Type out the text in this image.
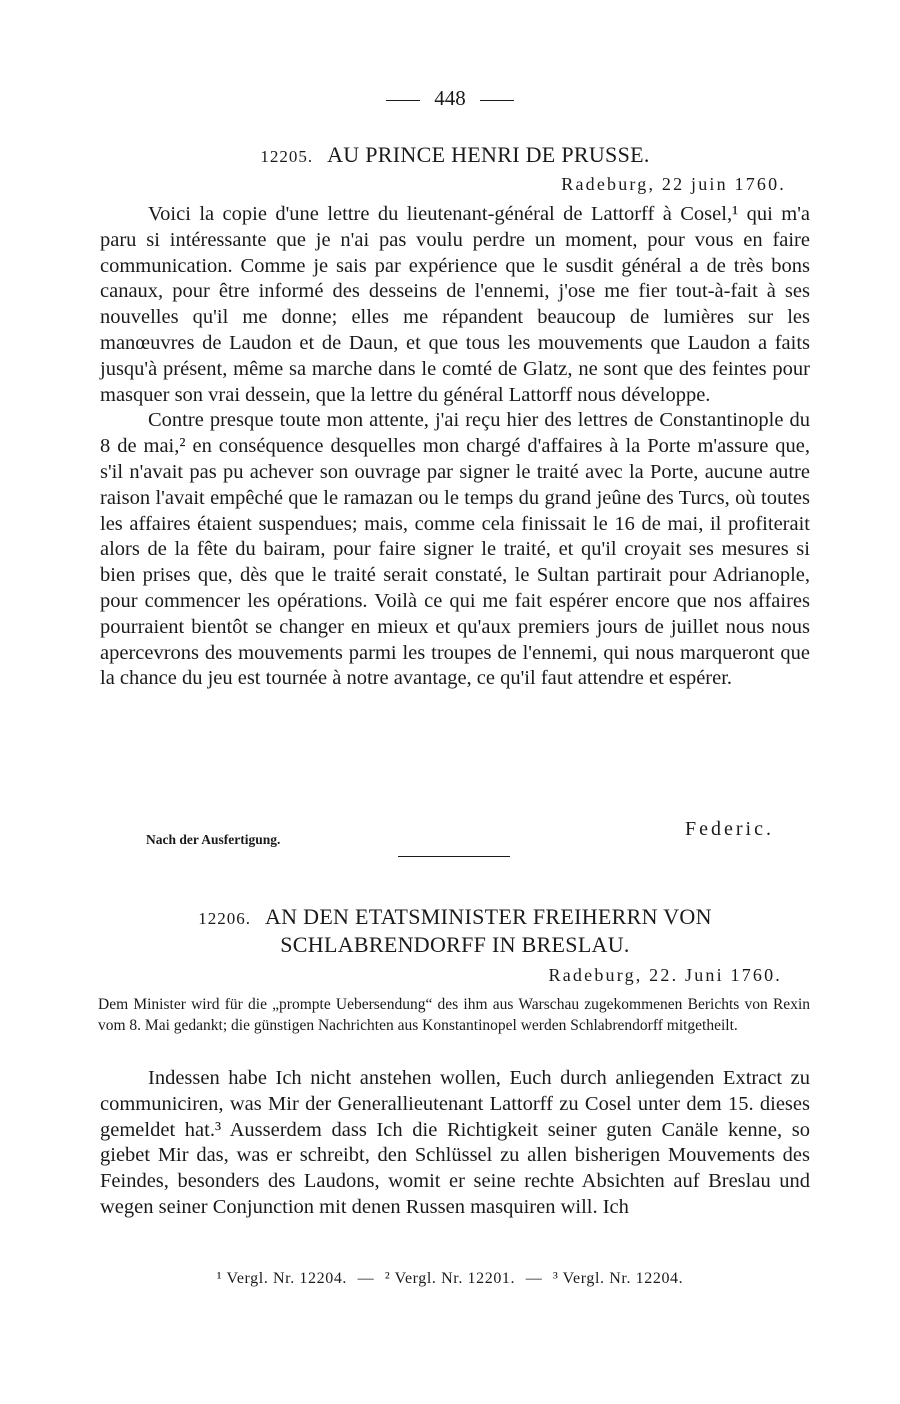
448
12205. AU PRINCE HENRI DE PRUSSE.
Radeburg, 22 juin 1760.

Voici la copie d'une lettre du lieutenant-général de Lattorff à Cosel,¹ qui m'a paru si intéressante que je n'ai pas voulu perdre un moment, pour vous en faire communication. Comme je sais par expérience que le susdit général a de très bons canaux, pour être informé des desseins de l'ennemi, j'ose me fier tout-à-fait à ses nouvelles qu'il me donne; elles me répandent beaucoup de lumières sur les manœuvres de Laudon et de Daun, et que tous les mouvements que Laudon a faits jusqu'à présent, même sa marche dans le comté de Glatz, ne sont que des feintes pour masquer son vrai dessein, que la lettre du général Lattorff nous développe.

Contre presque toute mon attente, j'ai reçu hier des lettres de Constantinople du 8 de mai,² en conséquence desquelles mon chargé d'affaires à la Porte m'assure que, s'il n'avait pas pu achever son ouvrage par signer le traité avec la Porte, aucune autre raison l'avait empêché que le ramazan ou le temps du grand jeûne des Turcs, où toutes les affaires étaient suspendues; mais, comme cela finissait le 16 de mai, il profiterait alors de la fête du bairam, pour faire signer le traité, et qu'il croyait ses mesures si bien prises que, dès que le traité serait constaté, le Sultan partirait pour Adrianople, pour commencer les opérations. Voilà ce qui me fait espérer encore que nos affaires pourraient bientôt se changer en mieux et qu'aux premiers jours de juillet nous nous apercevrons des mouvements parmi les troupes de l'ennemi, qui nous marqueront que la chance du jeu est tournée à notre avantage, ce qu'il faut attendre et espérer.

Nach der Ausfertigung.	Federic.
12206. AN DEN ETATSMINISTER FREIHERRN VON
SCHLABRENDORFF IN BRESLAU.
Radeburg, 22. Juni 1760.
Dem Minister wird für die „prompte Uebersendung“ des ihm aus Warschau zugekommenen Berichts von Rexin vom 8. Mai gedankt; die günstigen Nachrichten aus Konstantinopel werden Schlabrendorff mitgetheilt.

Indessen habe Ich nicht anstehen wollen, Euch durch anliegenden Extract zu communiciren, was Mir der Generallieutenant Lattorff zu Cosel unter dem 15. dieses gemeldet hat.³ Ausserdem dass Ich die Richtigkeit seiner guten Canäle kenne, so giebet Mir das, was er schreibt, den Schlüssel zu allen bisherigen Mouvements des Feindes, besonders des Laudons, womit er seine rechte Absichten auf Breslau und wegen seiner Conjunction mit denen Russen masquiren will. Ich

¹ Vergl. Nr. 12204. — ² Vergl. Nr. 12201. — ³ Vergl. Nr. 12204.
